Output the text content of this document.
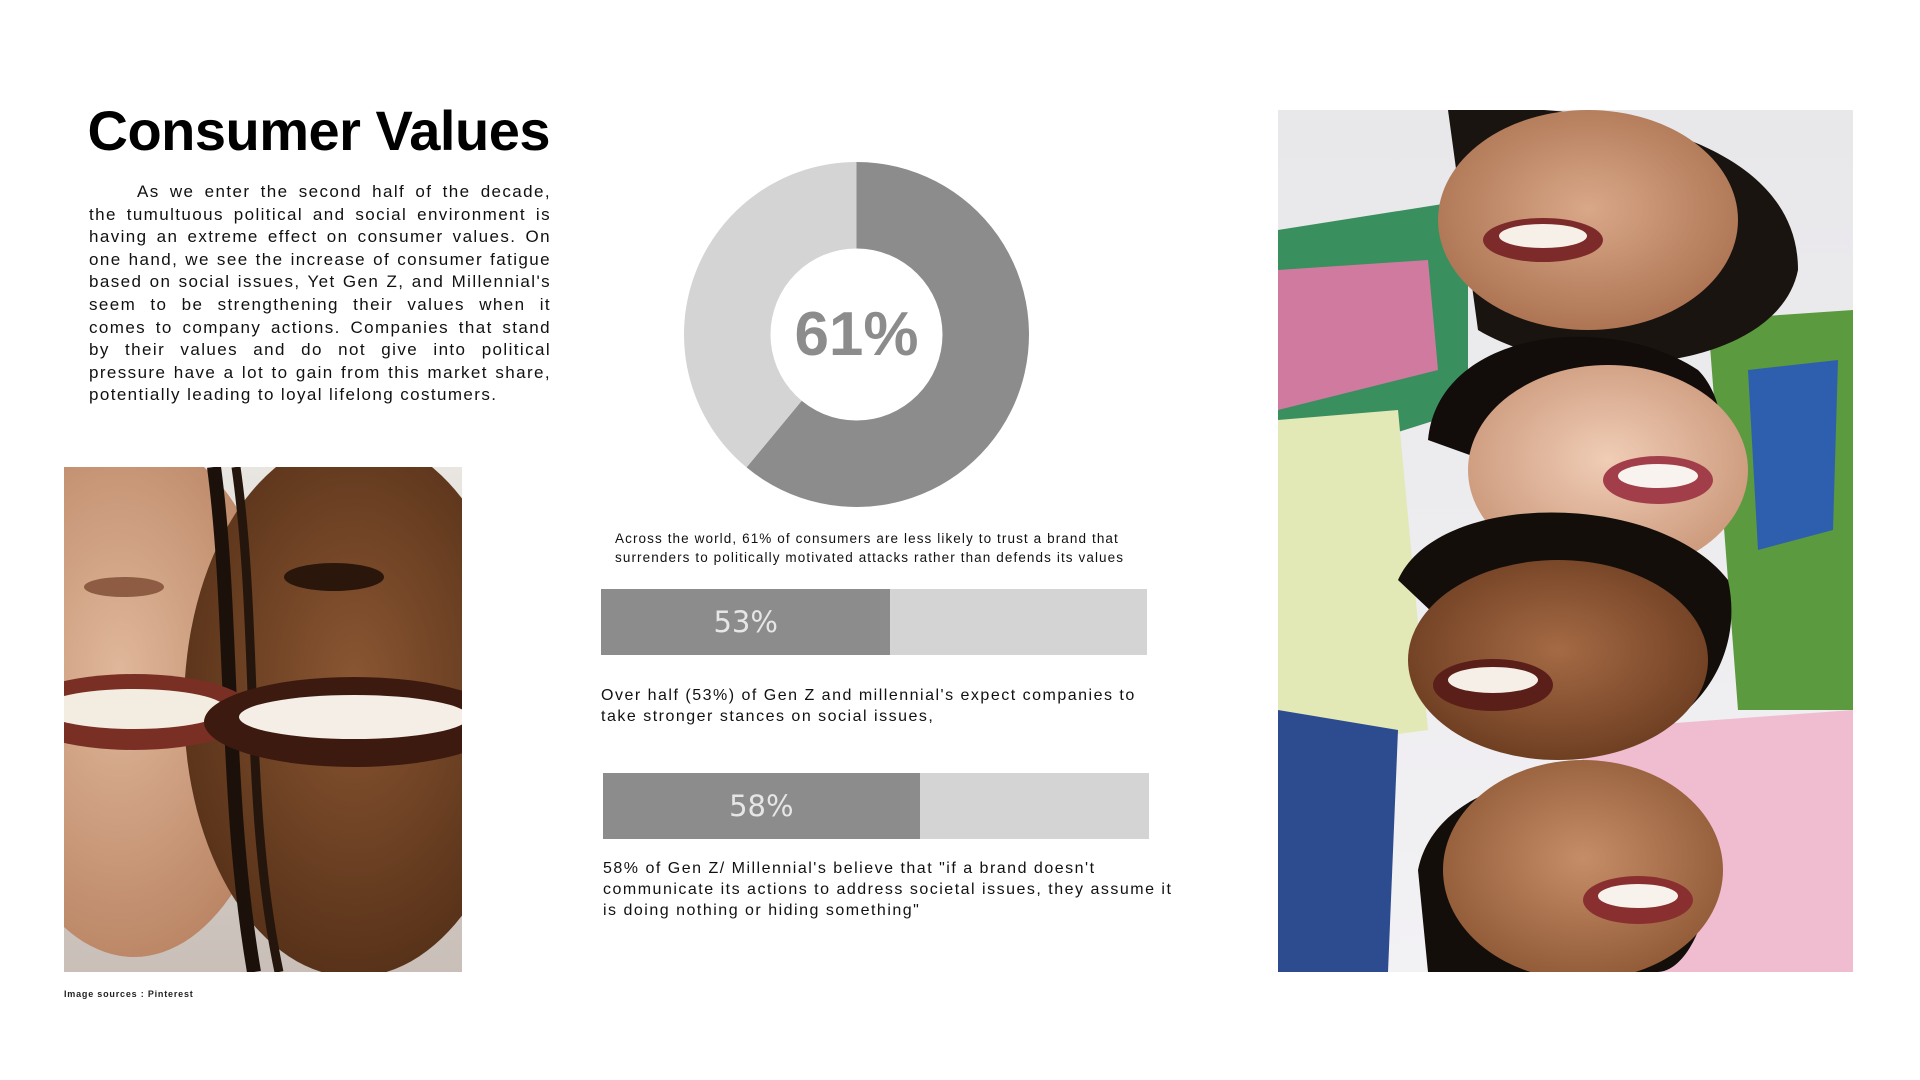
Consumer Values
As we enter the second half of the decade, the tumultuous political and social environment is having an extreme effect on consumer values. On one hand, we see the increase of consumer fatigue based on social issues, Yet Gen Z, and Millennial's seem to be strengthening their values when it comes to company actions. Companies that stand by their values and do not give into political pressure have a lot to gain from this market share, potentially leading to loyal lifelong costumers.
Image sources : Pinterest
61%
Across the world, 61% of consumers are less likely to trust a brand that surrenders to politically motivated attacks rather than defends its values
53%
Over half (53%) of Gen Z and millennial's expect companies to take stronger stances on social issues,
58%
58% of Gen Z/ Millennial's believe that "if a brand doesn't communicate its actions to address societal issues, they assume it is doing nothing or hiding something"
